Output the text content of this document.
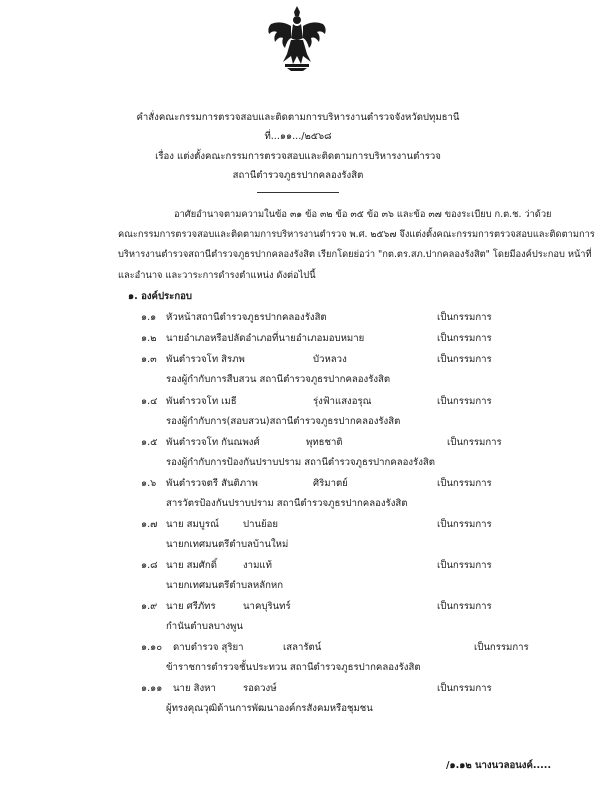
คำสั่งคณะกรรมการตรวจสอบและติดตามการบริหารงานตำรวจจังหวัดปทุมธานี
ที่...๑๑.../๒๕๖๘
เรื่อง แต่งตั้งคณะกรรมการตรวจสอบและติดตามการบริหารงานตำรวจ
สถานีตำรวจภูธรปากคลองรังสิต
อาศัยอำนาจตามความในข้อ ๓๑ ข้อ ๓๒ ข้อ ๓๕ ข้อ ๓๖ และข้อ ๓๗ ของระเบียบ ก.ต.ช. ว่าด้วย
คณะกรรมการตรวจสอบและติดตามการบริหารงานตำรวจ พ.ศ. ๒๕๖๗ จึงแต่งตั้งคณะกรรมการตรวจสอบและติดตามการ
บริหารงานตำรวจสถานีตำรวจภูธรปากคลองรังสิต เรียกโดยย่อว่า "กต.ตร.สภ.ปากคลองรังสิต" โดยมีองค์ประกอบ หน้าที่
และอำนาจ และวาระการดำรงตำแหน่ง ดังต่อไปนี้
๑. องค์ประกอบ
๑.๑ หัวหน้าสถานีตำรวจภูธรปากคลองรังสิต	เป็นกรรมการ
๑.๒ นายอำเภอหรือปลัดอำเภอที่นายอำเภอมอบหมาย	เป็นกรรมการ
๑.๓ พันตำรวจโท สิรภพ	บัวหลวง	เป็นกรรมการ
รองผู้กำกับการสืบสวน สถานีตำรวจภูธรปากคลองรังสิต
๑.๔ พันตำรวจโท เมธี	รุ่งฟ้าแสงอรุณ	เป็นกรรมการ
รองผู้กำกับการ(สอบสวน)สถานีตำรวจภูธรปากคลองรังสิต
๑.๕ พันตำรวจโท กันณพงศ์	พุทธชาติ	เป็นกรรมการ
รองผู้กำกับการป้องกันปราบปราม สถานีตำรวจภูธรปากคลองรังสิต
๑.๖ พันตำรวจตรี สันติภาพ	ศิริมาตย์	เป็นกรรมการ
สารวัตรป้องกันปราบปราม สถานีตำรวจภูธรปากคลองรังสิต
๑.๗ นาย สมบูรณ์	ปานย้อย	เป็นกรรมการ
นายกเทศมนตรีตำบลบ้านใหม่
๑.๘ นาย สมศักดิ์	งามแท้	เป็นกรรมการ
นายกเทศมนตรีตำบลหลักหก
๑.๙ นาย ศรีภัทร	นาคบุรินทร์	เป็นกรรมการ
กำนันตำบลบางพูน
๑.๑๐ ดาบตำรวจ สุริยา	เสลารัตน์	เป็นกรรมการ
ข้าราชการตำรวจชั้นประทวน สถานีตำรวจภูธรปากคลองรังสิต
๑.๑๑ นาย สิงหา	รอดวงษ์	เป็นกรรมการ
ผู้ทรงคุณวุฒิด้านการพัฒนาองค์กรสังคมหรือชุมชน
/๑.๑๒ นางนวลอนงค์.....
